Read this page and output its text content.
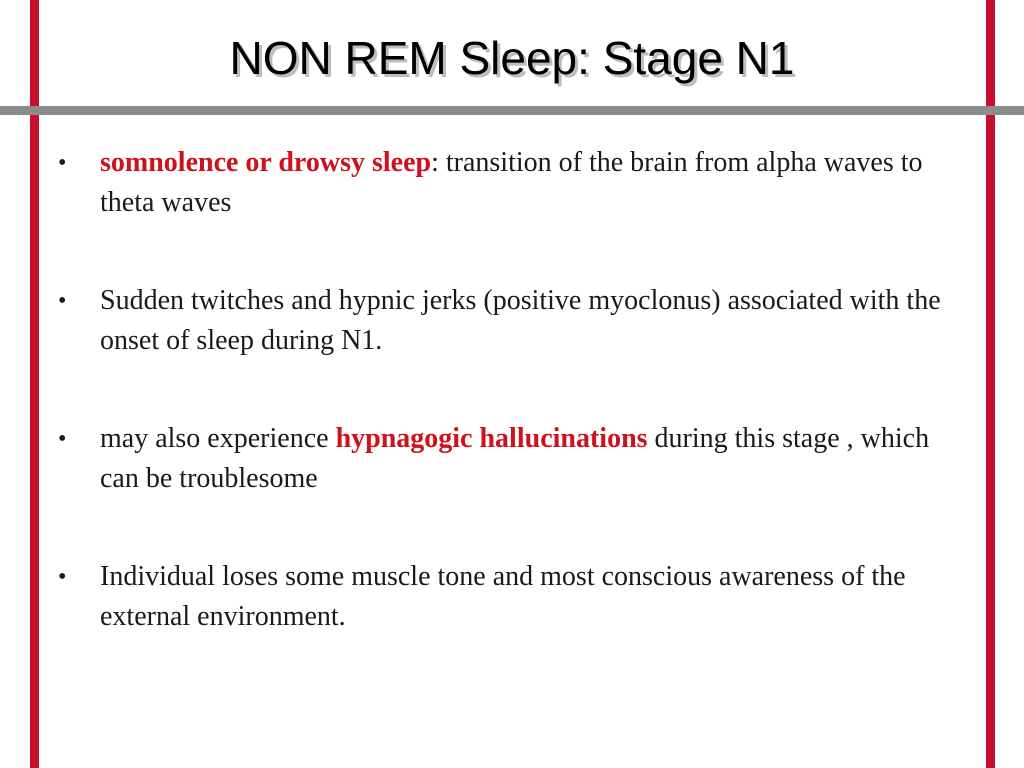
NON REM Sleep: Stage N1
•	somnolence or drowsy sleep: transition of the brain from alpha waves to theta waves
•	Sudden twitches and hypnic jerks (positive myoclonus) associated with the onset of sleep during N1.
•	may also experience hypnagogic hallucinations during this stage , which can be troublesome
•	Individual loses some muscle tone and most conscious awareness of the external environment.
